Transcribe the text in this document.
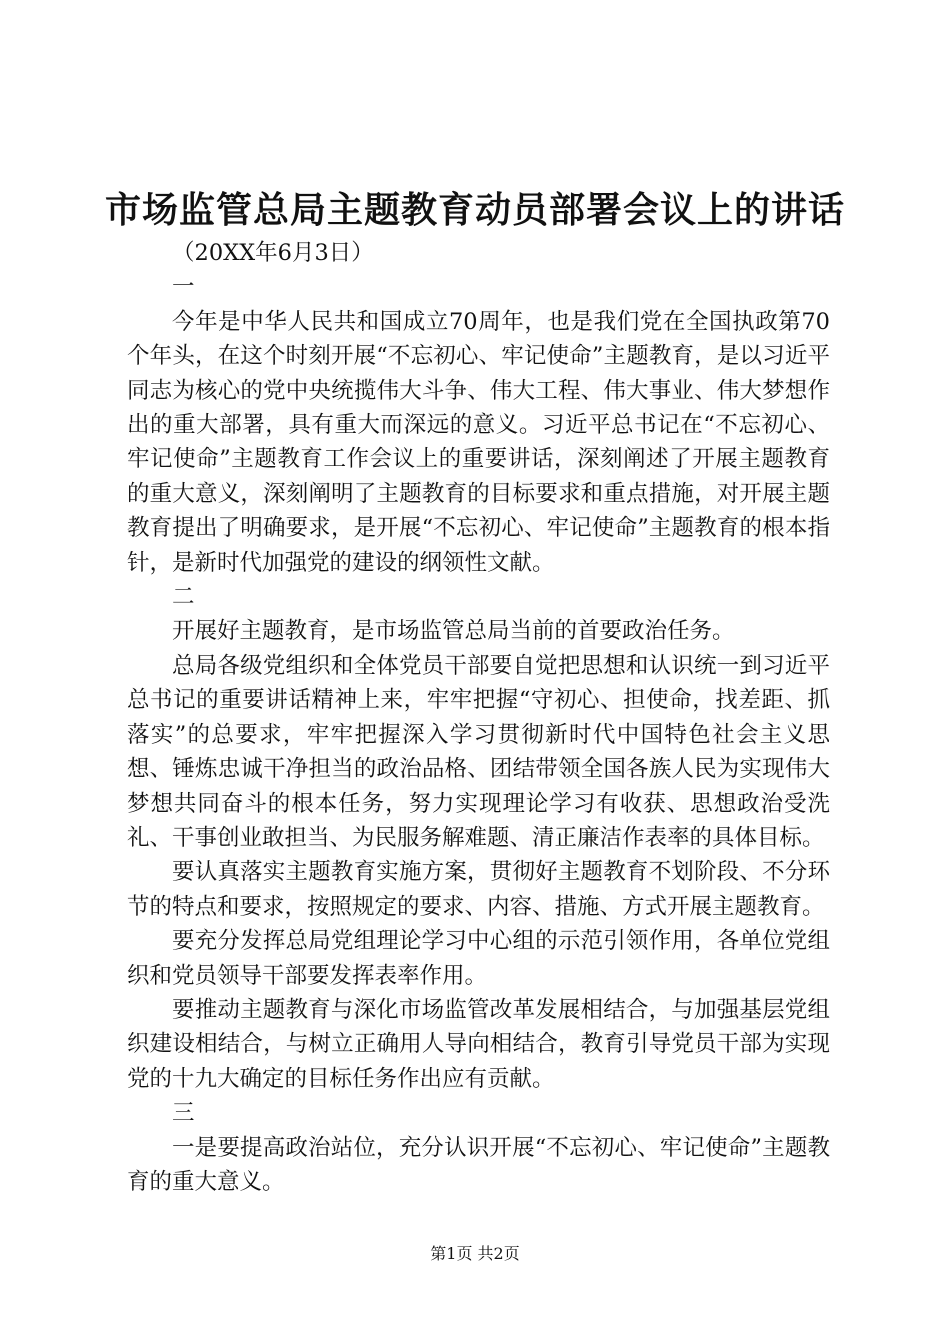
市场监管总局主题教育动员部署会议上的讲话

（20XX年6月3日）

一

今年是中华人民共和国成立70周年，也是我们党在全国执政第70个年头，在这个时刻开展“不忘初心、牢记使命”主题教育，是以习近平同志为核心的党中央统揽伟大斗争、伟大工程、伟大事业、伟大梦想作出的重大部署，具有重大而深远的意义。习近平总书记在“不忘初心、牢记使命”主题教育工作会议上的重要讲话，深刻阐述了开展主题教育的重大意义，深刻阐明了主题教育的目标要求和重点措施，对开展主题教育提出了明确要求，是开展“不忘初心、牢记使命”主题教育的根本指针，是新时代加强党的建设的纲领性文献。

二

开展好主题教育，是市场监管总局当前的首要政治任务。

总局各级党组织和全体党员干部要自觉把思想和认识统一到习近平总书记的重要讲话精神上来，牢牢把握“守初心、担使命，找差距、抓落实”的总要求，牢牢把握深入学习贯彻新时代中国特色社会主义思想、锤炼忠诚干净担当的政治品格、团结带领全国各族人民为实现伟大梦想共同奋斗的根本任务，努力实现理论学习有收获、思想政治受洗礼、干事创业敢担当、为民服务解难题、清正廉洁作表率的具体目标。

要认真落实主题教育实施方案，贯彻好主题教育不划阶段、不分环节的特点和要求，按照规定的要求、内容、措施、方式开展主题教育。

要充分发挥总局党组理论学习中心组的示范引领作用，各单位党组织和党员领导干部要发挥表率作用。

要推动主题教育与深化市场监管改革发展相结合，与加强基层党组织建设相结合，与树立正确用人导向相结合，教育引导党员干部为实现党的十九大确定的目标任务作出应有贡献。

三

一是要提高政治站位，充分认识开展“不忘初心、牢记使命”主题教育的重大意义。

第1页 共2页
